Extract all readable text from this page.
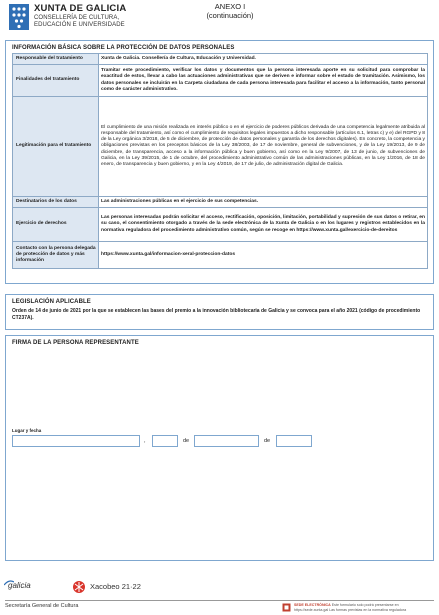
XUNTA DE GALICIA
CONSELLERÍA DE CULTURA,
EDUCACIÓN E UNIVERSIDADE
ANEXO I
(continuación)
INFORMACIÓN BÁSICA SOBRE LA PROTECCIÓN DE DATOS PERSONALES
Responsable del tratamiento	Xunta de Galicia. Consellería de Cultura, Educación y Universidad.
Finalidades del tratamiento	Tramitar este procedimiento, verificar los datos y documentos que la persona interesada aporte en su solicitud para comprobar la exactitud de estos, llevar a cabo las actuaciones administrativas que se deriven e informar sobre el estado de tramitación. Asimismo, los datos personales se incluirán en la Carpeta ciudadana de cada persona interesada para facilitar el acceso a la información, tanto personal como de carácter administrativo.
Legitimación para el tratamiento	El cumplimiento de una misión realizada en interés público o en el ejercicio de poderes públicos derivada de una competencia legalmente atribuida al responsable del tratamiento, así como el cumplimiento de requisitos legales impuestos a dicho responsable (artículos 6.1, letras c) y e) del RGPD y 8 de la Ley orgánica 3/2018, de 5 de diciembre, de protección de datos personales y garantía de los derechos digitales). En concreto, la competencia y obligaciones previstas en los preceptos básicos de la Ley 38/2003, de 17 de noviembre, general de subvenciones, y de la Ley 19/2013, de 9 de diciembre, de transparencia, acceso a la información pública y buen gobierno, así como en la Ley 9/2007, de 13 de junio, de subvenciones de Galicia, en la Ley 39/2015, de 1 de octubre, del procedimiento administrativo común de las administraciones públicas, en la Ley 1/2016, de 18 de enero, de transparencia y buen gobierno, y en la Ley 4/2019, de 17 de julio, de administración digital de Galicia.
Destinatarios de los datos	Las administraciones públicas en el ejercicio de sus competencias.
Ejercicio de derechos	Las personas interesadas podrán solicitar el acceso, rectificación, oposición, limitación, portabilidad y supresión de sus datos o retirar, en su caso, el consentimiento otorgado a través de la sede electrónica de la Xunta de Galicia o en los lugares y registros establecidos en la normativa reguladora del procedimiento administrativo común, según se recoge en https://www.xunta.gal/exercicio-de-dereitos
Contacto con la persona delegada de protección de datos y más información	https://www.xunta.gal/informacion-xeral-proteccion-datos
LEGISLACIÓN APLICABLE
Orden de 14 de junio de 2021 por la que se establecen las bases del premio a la innovación bibliotecaria de Galicia y se convoca para el año 2021 (código de procedimiento CT237A).
FIRMA DE LA PERSONA REPRESENTANTE
Lugar y fecha
,	de	de
galicia	Xacobeo 21·22
Secretaría General de Cultura	SEDE ELECTRÓNICA Este formulario solo podrá presentarse en
https://sede.xunta.gal Las formas previstas en la normativa reguladora
